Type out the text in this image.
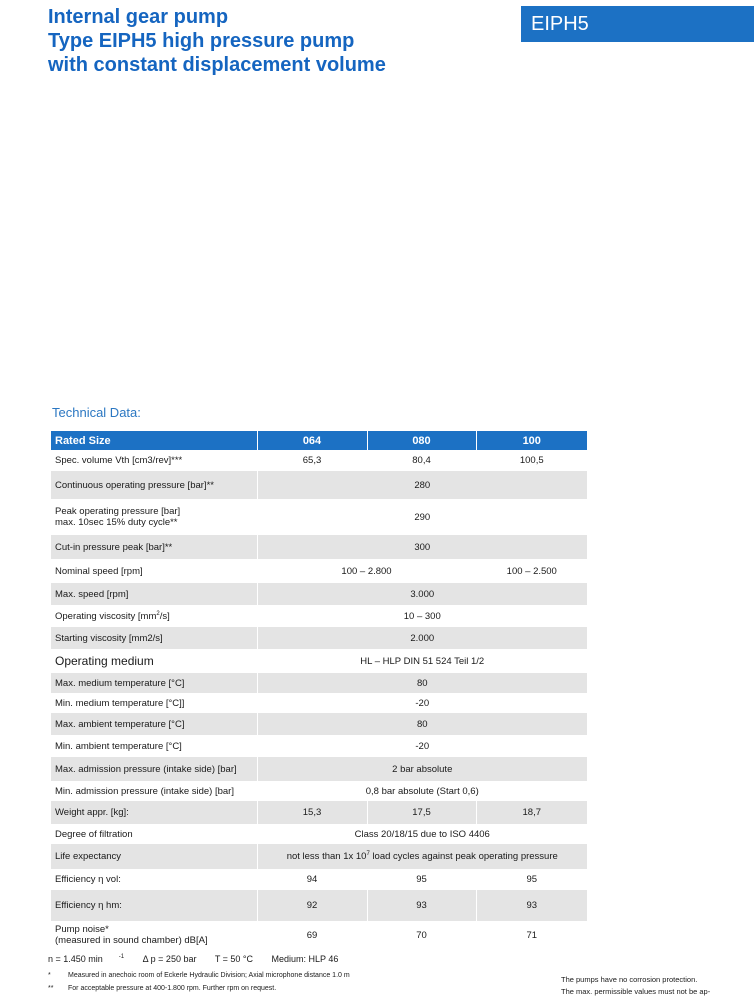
Internal gear pump
Type EIPH5 high pressure pump
with constant displacement volume
EIPH5
Technical Data:
Rated Size	064	080	100
Spec. volume Vth [cm3/rev]***	65,3	80,4	100,5
Continuous operating pressure [bar]**	280		

Peak operating pressure [bar]
max. 10sec 15% duty cycle**	290		
Cut-in pressure peak [bar]**	300		
Nominal speed [rpm]	100 – 2.800		100 – 2.500
Max. speed [rpm]	3.000		
Operating viscosity $[mm^2/s]$	10 – 300		
Starting viscosity [mm2/s]	2.000		
Operating medium	HL – HLP DIN 51 524 Teil 1/2		
Max. medium temperature [°C]	80		
Min. medium temperature [°C]]	-20		
Max. ambient temperature [°C]	80		
Min. ambient temperature [°C]	-20		
Max. admission pressure (intake side) [bar]	2 bar absolute		
Min. admission pressure (intake side) [bar]	0,8 bar absolute (Start 0,6)		
Weight appr. [kg]:	15,3	17,5	18,7
Degree of filtration	Class 20/18/15 due to ISO 4406		
Life expectancy	not less than 1x $10^7$ load cycles against peak operating pressure		
Efficiency η vol:	94	95	95
Efficiency η hm:	92	93	93

Pump noise*
(measured in sound chamber) dB[A]	69	70	71

n = 1.450 min	$^{-1}$ Δ p = 250 bar T = 50 °C Medium: HLP 46

* Measured in anechoic room of Eckerle Hydraulic Division; Axial microphone distance 1.0 m
** For acceptable pressure at 400-1.800 rpm. Further rpm on request.
The pumps have no corrosion protection.
The max. permissible values must not be ap-
